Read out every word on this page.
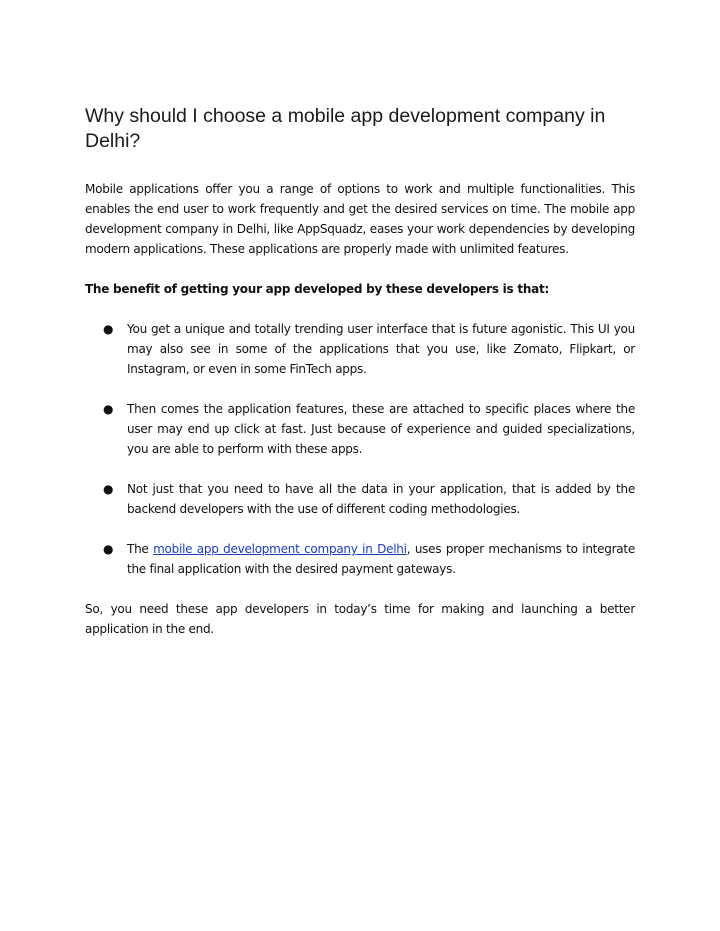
Why should I choose a mobile app development company in Delhi?

Mobile applications offer you a range of options to work and multiple functionalities. This enables the end user to work frequently and get the desired services on time. The mobile app development company in Delhi, like AppSquadz, eases your work dependencies by developing modern applications. These applications are properly made with unlimited features.

The benefit of getting your app developed by these developers is that:

● You get a unique and totally trending user interface that is future agonistic. This UI you may also see in some of the applications that you use, like Zomato, Flipkart, or Instagram, or even in some FinTech apps.
● Then comes the application features, these are attached to specific places where the user may end up click at fast. Just because of experience and guided specializations, you are able to perform with these apps.
● Not just that you need to have all the data in your application, that is added by the backend developers with the use of different coding methodologies.
● The mobile app development company in Delhi, uses proper mechanisms to integrate the final application with the desired payment gateways.

So, you need these app developers in today’s time for making and launching a better application in the end.
